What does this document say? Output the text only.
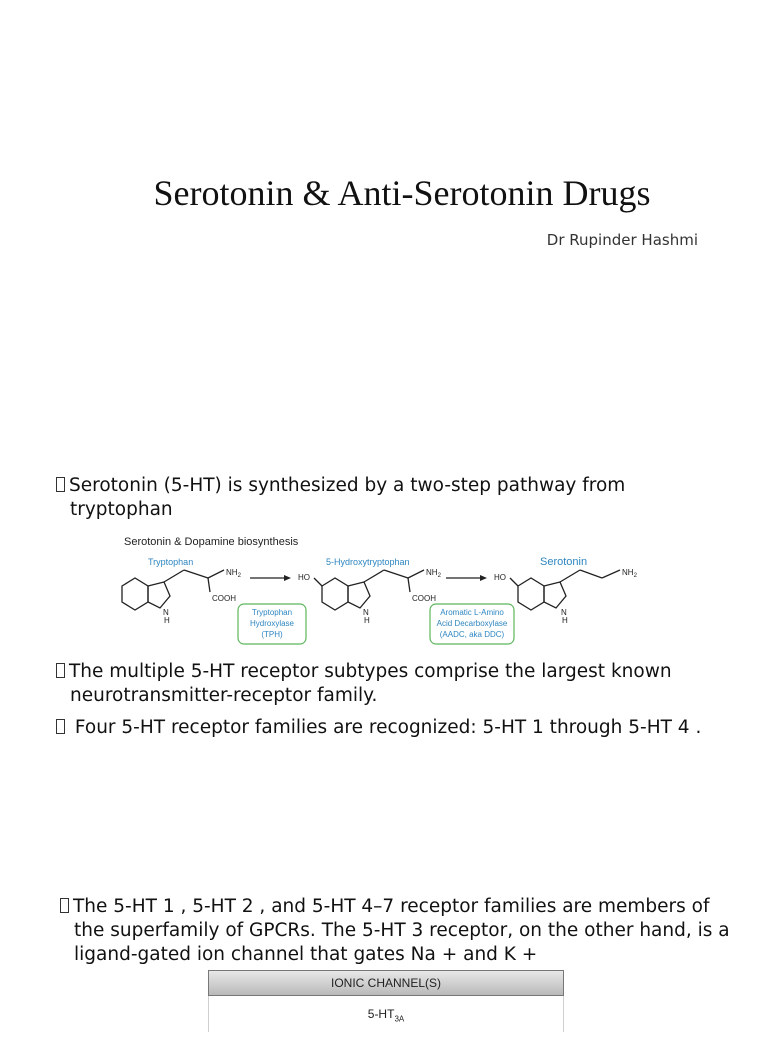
Serotonin & Anti-Serotonin Drugs
Dr Rupinder Hashmi
Serotonin (5-HT) is synthesized by a two-step pathway from
tryptophan
Serotonin & Dopamine biosynthesis
Tryptophan
$NH_2$
COOH
N
H
Tryptophan
Hydroxylase
(TPH)
5-Hydroxytryptophan
HO
$NH_2$
COOH
N
H
Aromatic L-Amino
Acid Decarboxylase
(AADC, aka DDC)
Serotonin
HO
$NH_2$
N
H
The multiple 5-HT receptor subtypes comprise the largest known
neurotransmitter-receptor family.
Four 5-HT receptor families are recognized: 5-HT 1 through 5-HT 4 .
The 5-HT 1 , 5-HT 2 , and 5-HT 4–7 receptor families are members of
the superfamily of GPCRs. The 5-HT 3 receptor, on the other hand, is a
ligand-gated ion channel that gates Na + and K +
IONIC CHANNEL(S)
$5-HT_{3A}$
